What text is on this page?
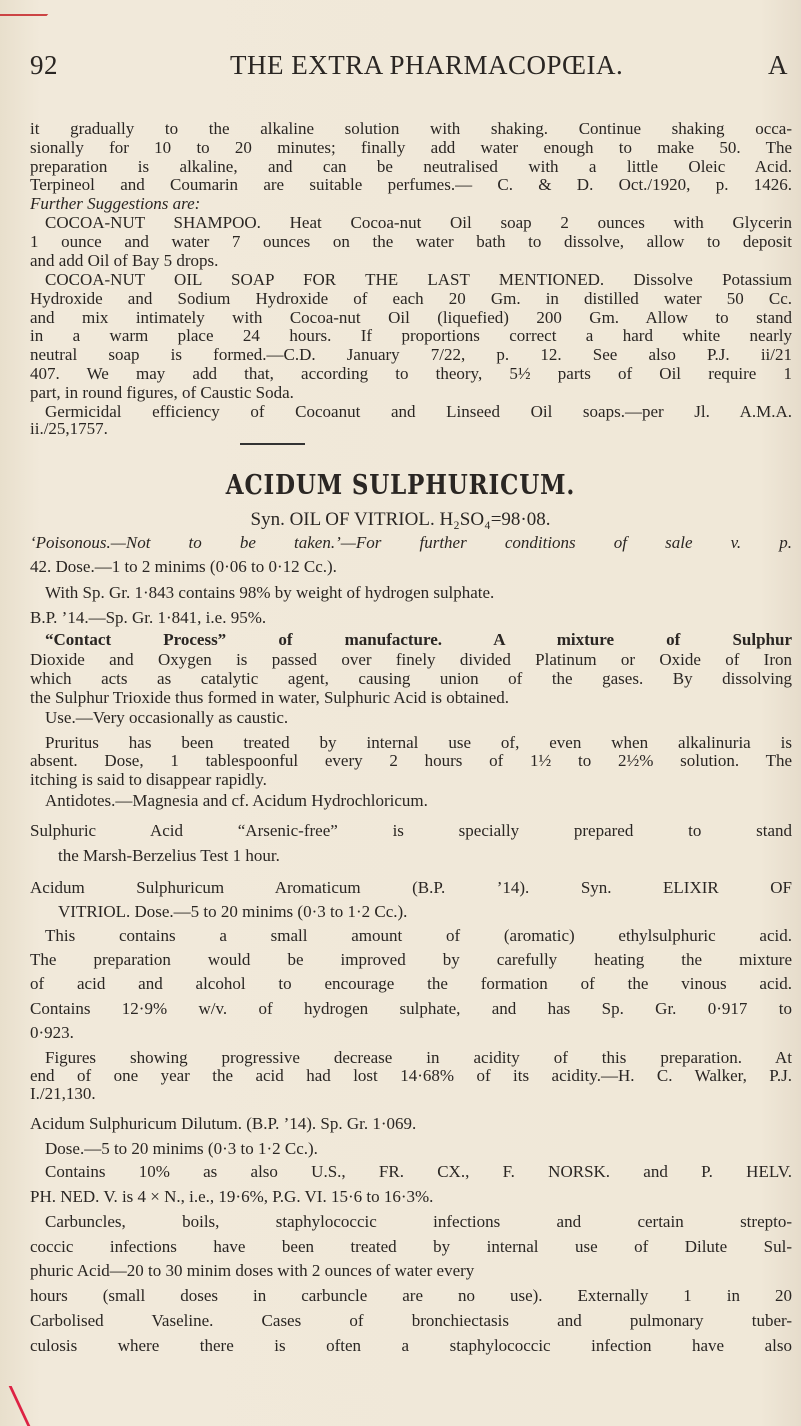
92	THE EXTRA PHARMACOPŒIA.	A
ACIDUM SULPHURICUM.
it gradually to the alkaline solution with shaking. Continue shaking occa-
sionally for 10 to 20 minutes; finally add water enough to make 50. The
preparation is alkaline, and can be neutralised with a little Oleic Acid.
Terpineol and Coumarin are suitable perfumes.— C. & D. Oct./1920, p. 1426.
Further Suggestions are:
COCOA-NUT SHAMPOO. Heat Cocoa-nut Oil soap 2 ounces with Glycerin
1 ounce and water 7 ounces on the water bath to dissolve, allow to deposit
and add Oil of Bay 5 drops.
COCOA-NUT OIL SOAP FOR THE LAST MENTIONED. Dissolve Potassium
Hydroxide and Sodium Hydroxide of each 20 Gm. in distilled water 50 Cc.
and mix intimately with Cocoa-nut Oil (liquefied) 200 Gm. Allow to stand
in a warm place 24 hours. If proportions correct a hard white nearly
neutral soap is formed.—C.D. January 7/22, p. 12. See also P.J. ii/21
407. We may add that, according to theory, 5½ parts of Oil require 1
part, in round figures, of Caustic Soda.
Germicidal efficiency of Cocoanut and Linseed Oil soaps.—per Jl. A.M.A.
ii./25,1757.
Syn. OIL OF VITRIOL. H₂SO₄=98·08.
‘Poisonous.—Not to be taken.’—For further conditions of sale v. p.
42. Dose.—1 to 2 minims (0·06 to 0·12 Cc.).
With Sp. Gr. 1·843 contains 98% by weight of hydrogen sulphate.
B.P. ’14.—Sp. Gr. 1·841, i.e. 95%.
“Contact Process” of manufacture. A mixture of Sulphur
Dioxide and Oxygen is passed over finely divided Platinum or Oxide of Iron
which acts as catalytic agent, causing union of the gases. By dissolving
the Sulphur Trioxide thus formed in water, Sulphuric Acid is obtained.
Use.—Very occasionally as caustic.
Pruritus has been treated by internal use of, even when alkalinuria is
absent. Dose, 1 tablespoonful every 2 hours of 1½ to 2½% solution. The
itching is said to disappear rapidly.
Antidotes.—Magnesia and cf. Acidum Hydrochloricum.
Sulphuric Acid “Arsenic-free” is specially prepared to stand
the Marsh-Berzelius Test 1 hour.
Acidum Sulphuricum Aromaticum (B.P. ’14). Syn. ELIXIR OF
VITRIOL. Dose.—5 to 20 minims (0·3 to 1·2 Cc.).
This contains a small amount of (aromatic) ethylsulphuric acid.
The preparation would be improved by carefully heating the mixture
of acid and alcohol to encourage the formation of the vinous acid.
Contains 12·9% w/v. of hydrogen sulphate, and has Sp. Gr. 0·917 to
0·923.
Figures showing progressive decrease in acidity of this preparation. At
end of one year the acid had lost 14·68% of its acidity.—H. C. Walker, P.J.
I./21,130.
Acidum Sulphuricum Dilutum. (B.P. ’14). Sp. Gr. 1·069.
Dose.—5 to 20 minims (0·3 to 1·2 Cc.).
Contains 10% as also U.S., FR. CX., F. NORSK. and P. HELV.
PH. NED. V. is 4 × N., i.e., 19·6%, P.G. VI. 15·6 to 16·3%.
Carbuncles, boils, staphylococcic infections and certain strepto-
coccic infections have been treated by internal use of Dilute Sul-
phuric Acid—20 to 30 minim doses with 2 ounces of water every
hours (small doses in carbuncle are no use). Externally 1 in 20
Carbolised Vaseline. Cases of bronchiectasis and pulmonary tuber-
culosis where there is often a staphylococcic infection have also
